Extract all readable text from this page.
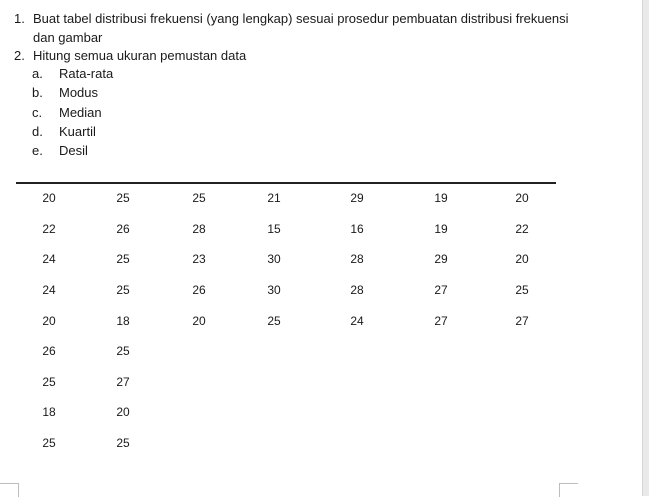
1. Buat tabel distribusi frekuensi (yang lengkap) sesuai prosedur pembuatan distribusi frekuensi dan gambar
2. Hitung semua ukuran pemustan data
a. Rata-rata
b. Modus
c. Median
d. Kuartil
e. Desil
20	25	25	21	29	19	20
22	26	28	15	16	19	22
24	25	23	30	28	29	20
24	25	26	30	28	27	25
20	18	20	25	24	27	27
26	25
25	27
18	20
25	25
